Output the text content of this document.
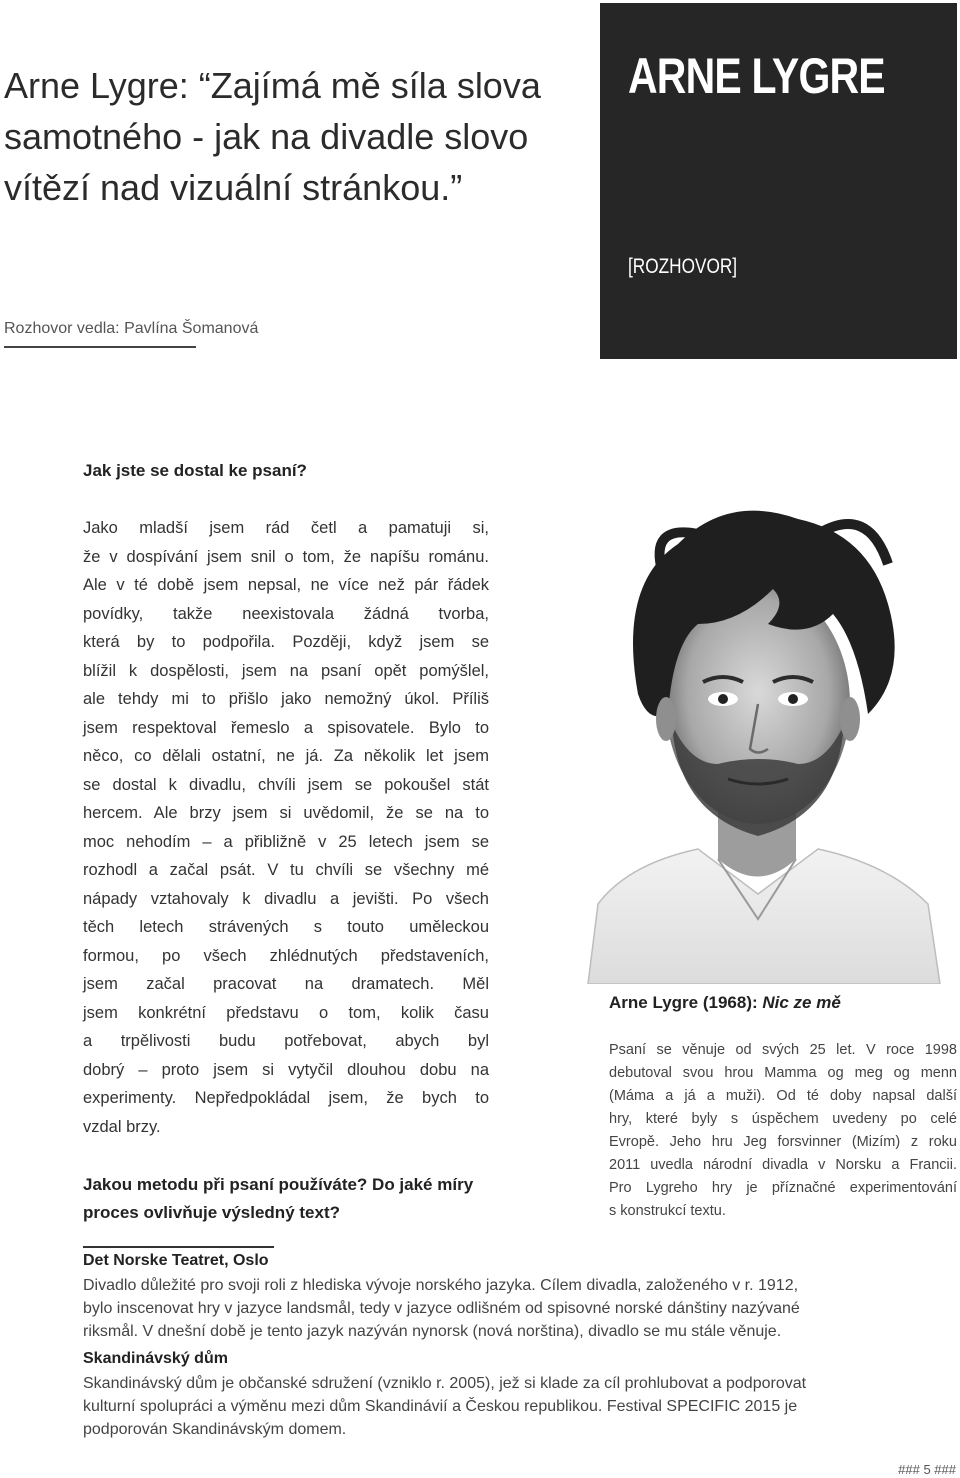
Arne Lygre: “Zajímá mě síla slova
samotného - jak na divadle slovo
vítězí nad vizuální stránkou.”
Rozhovor vedla: Pavlína Šomanová
ARNE LYGRE
[ROZHOVOR]

Jak jste se dostal ke psaní?

Jako mladší jsem rád četl a pamatuji si,
že v dospívání jsem snil o tom, že napíšu románu.
Ale v té době jsem nepsal, ne více než pár řádek
povídky, takže neexistovala žádná tvorba,
která by to podpořila. Později, když jsem se
blížil k dospělosti, jsem na psaní opět pomýšlel,
ale tehdy mi to přišlo jako nemožný úkol. Příliš
jsem respektoval řemeslo a spisovatele. Bylo to
něco, co dělali ostatní, ne já. Za několik let jsem
se dostal k divadlu, chvíli jsem se pokoušel stát
hercem. Ale brzy jsem si uvědomil, že se na to
moc nehodím – a přibližně v 25 letech jsem se
rozhodl a začal psát. V tu chvíli se všechny mé
nápady vztahovaly k divadlu a jevišti. Po všech
těch letech strávených s touto uměleckou
formou, po všech zhlédnutých představeních,
jsem začal pracovat na dramatech. Měl
jsem konkrétní představu o tom, kolik času
a trpělivosti budu potřebovat, abych byl
dobrý – proto jsem si vytyčil dlouhou dobu na
experimenty. Nepředpokládal jsem, že bych to
vzdal brzy.

Jakou metodu při psaní používáte? Do jaké míry proces ovlivňuje výsledný text?

Arne Lygre (1968): Nic ze mě

Psaní se věnuje od svých 25 let. V roce 1998
debutoval svou hrou Mamma og meg og menn
(Máma a já a muži). Od té doby napsal další
hry, které byly s úspěchem uvedeny po celé
Evropě. Jeho hru Jeg forsvinner (Mizím) z roku
2011 uvedla národní divadla v Norsku a Francii.
Pro Lygreho hry je příznačné experimentování
s konstrukcí textu.

Det Norske Teatret, Oslo

Divadlo důležité pro svoji roli z hlediska vývoje norského jazyka. Cílem divadla, založeného v r. 1912,
bylo inscenovat hry v jazyce landsmål, tedy v jazyce odlišném od spisovné norské dánštiny nazývané
riksmål. V dnešní době je tento jazyk nazýván nynorsk (nová norština), divadlo se mu stále věnuje.

Skandinávský dům

Skandinávský dům je občanské sdružení (vzniklo r. 2005), jež si klade za cíl prohlubovat a podporovat
kulturní spolupráci a výměnu mezi dům Skandinávií a Českou republikou. Festival SPECIFIC 2015 je
podporován Skandinávským domem.
### 5 ###
